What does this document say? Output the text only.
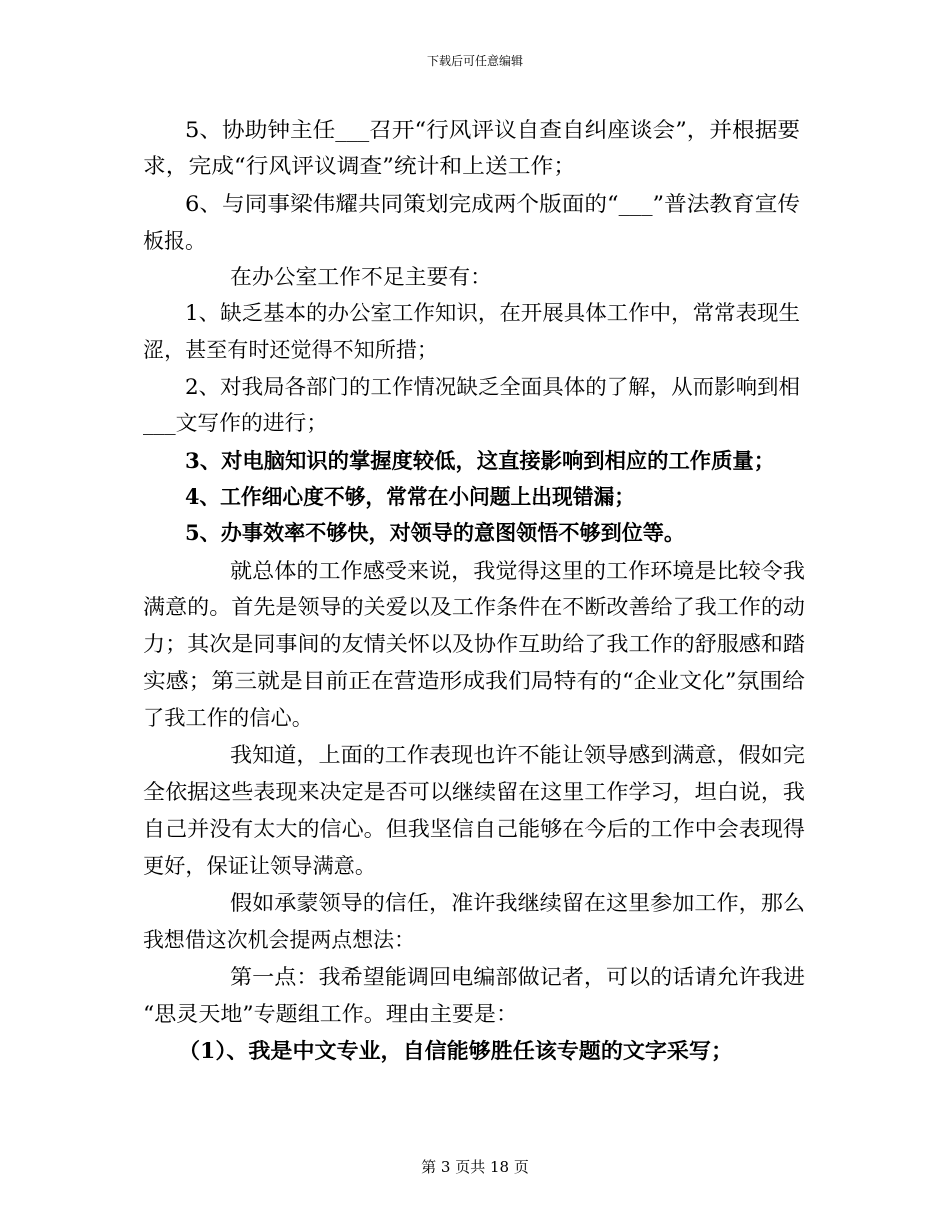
下载后可任意编辑
5、协助钟主任___召开“行风评议自查自纠座谈会”，并根据要
求，完成“行风评议调查”统计和上送工作；
6、与同事梁伟耀共同策划完成两个版面的“___”普法教育宣传
板报。
在办公室工作不足主要有：
1、缺乏基本的办公室工作知识，在开展具体工作中，常常表现生
涩，甚至有时还觉得不知所措；
2、对我局各部门的工作情况缺乏全面具体的了解，从而影响到相
___文写作的进行；
3、对电脑知识的掌握度较低，这直接影响到相应的工作质量；
4、工作细心度不够，常常在小问题上出现错漏；
5、办事效率不够快，对领导的意图领悟不够到位等。
就总体的工作感受来说，我觉得这里的工作环境是比较令我
满意的。首先是领导的关爱以及工作条件在不断改善给了我工作的动
力；其次是同事间的友情关怀以及协作互助给了我工作的舒服感和踏
实感；第三就是目前正在营造形成我们局特有的“企业文化”氛围给
了我工作的信心。
我知道，上面的工作表现也许不能让领导感到满意，假如完
全依据这些表现来决定是否可以继续留在这里工作学习，坦白说，我
自己并没有太大的信心。但我坚信自己能够在今后的工作中会表现得
更好，保证让领导满意。
假如承蒙领导的信任，准许我继续留在这里参加工作，那么
我想借这次机会提两点想法：
第一点：我希望能调回电编部做记者，可以的话请允许我进
“思灵天地”专题组工作。理由主要是：
（1）、我是中文专业，自信能够胜任该专题的文字采写；
第 3 页共 18 页
